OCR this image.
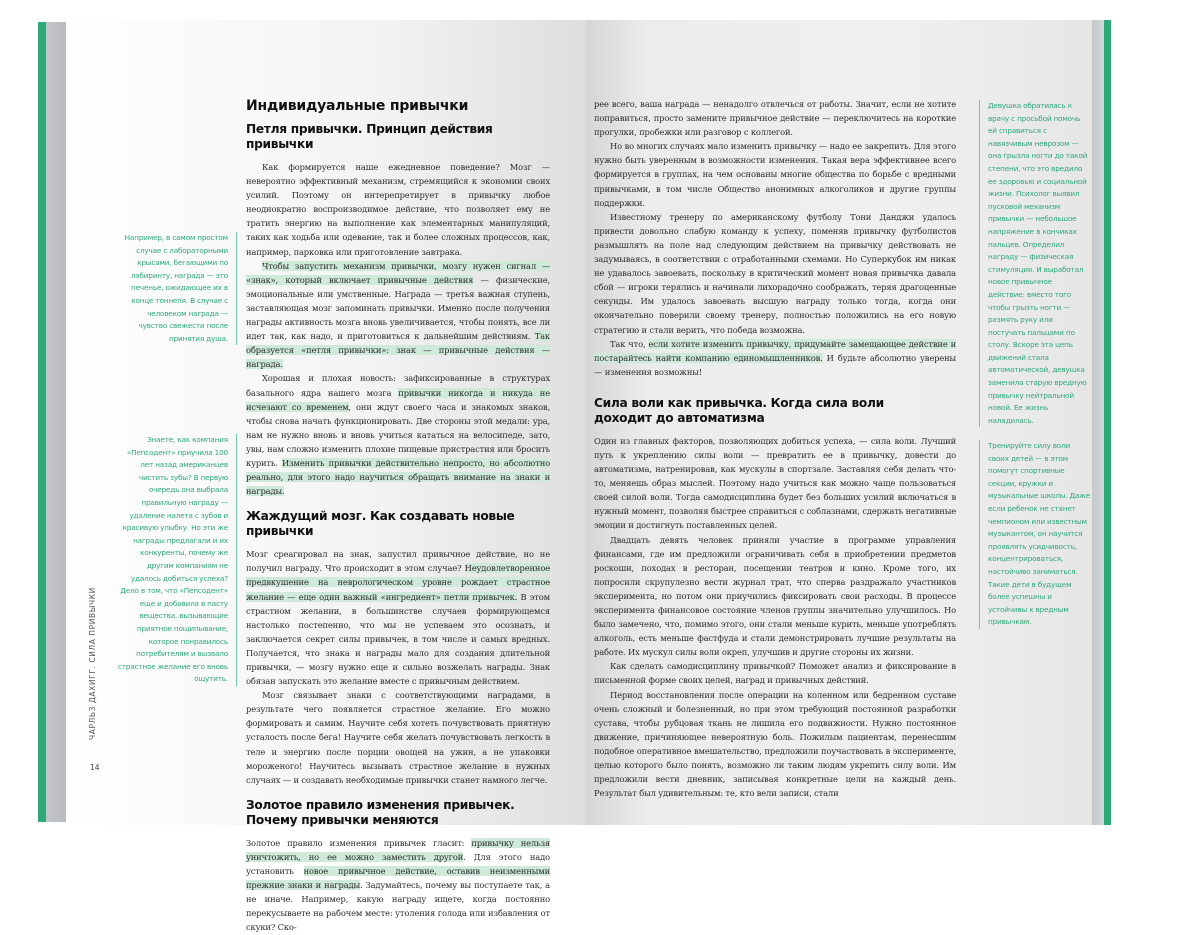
Индивидуальные привычки
Петля привычки. Принцип действия привычки

Как формируется наше ежедневное поведение? Мозг — невероятно эффективный механизм, стремящийся к экономии своих усилий. Поэтому он интерепретирует в привычку любое неоднократно воспроизводимое действие, что позволяет ему не тратить энергию на выполнение как элементарных манипуляций, таких как ходьба или одевание, так и более сложных процессов, как, например, парковка или приготовление завтрака.

Чтобы запустить механизм привычки, мозгу нужен сигнал — «знак», который включает привычные действия — физические, эмоциональные или умственные. Награда — третья важная ступень, заставляющая мозг запоминать привычки. Именно после получения награды активность мозга вновь увеличивается, чтобы понять, все ли идет так, как надо, и приготовиться к дальнейшим действиям. Так образуется «петля привычки»: знак — привычные действия — награда.

Хорошая и плохая новость: зафиксированные в структурах базального ядра нашего мозга привычки никогда и никуда не исчезают со временем, они ждут своего часа и знакомых знаков, чтобы снова начать функционировать. Две стороны этой медали: ура, нам не нужно вновь и вновь учиться кататься на велосипеде, зато, увы, нам сложно изменить плохие пищевые пристрастия или бросить курить. Изменить привычки действительно непросто, но абсолютно реально, для этого надо научиться обращать внимание на знаки и награды.

Жаждущий мозг. Как создавать новые привычки

Мозг среагировал на знак, запустил привычное действие, но не получил награду. Что происходит в этом случае? Неудовлетворенное предвкушение на неврологическом уровне рождает страстное желание — еще один важный «ингредиент» петли привычек. В этом страстном желании, в большинстве случаев формирующемся настолько постепенно, что мы не успеваем это осознать, и заключается секрет силы привычек, в том числе и самых вредных. Получается, что знака и награды мало для создания длительной привычки, — мозгу нужно еще и сильно возжелать награды. Знак обязан запускать это желание вместе с привычным действием.

Мозг связывает знаки с соответствующими наградами, в результате чего появляется страстное желание. Его можно формировать и самим. Научите себя хотеть почувствовать приятную усталость после бега! Научите себя желать почувствовать легкость в теле и энергию после порции овощей на ужин, а не упаковки мороженого! Научитесь вызывать страстное желание в нужных случаях — и создавать необходимые привычки станет намного легче.

Золотое правило изменения привычек. Почему привычки меняются

Золотое правило изменения привычек гласит: привычку нельзя уничтожить, но ее можно заместить другой. Для этого надо установить новое привычное действие, оставив неизменными прежние знаки и награды. Задумайтесь, почему вы поступаете так, а не иначе. Например, какую награду ищете, когда постоянно перекусываете на рабочем месте: утоления голода или избавления от скуки? Ско-

Например, в самом простом случае с лабораторными крысами, бегающими по лабиринту, награда — это печенье, ожидающее их в конце тоннеля. В случае с человеком награда — чувство свежести после принятия душа.
Знаете, как компания «Пепсодент» приучила 100 лет назад американцев чистить зубы? В первую очередь она выбрала правильную награду — удаление налета с зубов и красивую улыбку. Но эти же награды предлагали и их конкуренты, почему же другим компаниям не удалось добиться успеха? Дело в том, что «Пепсодент» еще и добавила в пасту вещества, вызывающие приятное пощипывание, которое понравилось потребителям и вызвало страстное желание его вновь ощутить.
ЧАРЛЬЗ ДАХИГГ. СИЛА ПРИВЫЧКИ
14

рее всего, ваша награда — ненадолго отвлечься от работы. Значит, если не хотите поправиться, просто замените привычное действие — переключитесь на короткие прогулки, пробежки или разговор с коллегой.

Но во многих случаях мало изменить привычку — надо ее закрепить. Для этого нужно быть уверенным в возможности изменения. Такая вера эффективнее всего формируется в группах, на чем основаны многие общества по борьбе с вредными привычками, в том числе Общество анонимных алкоголиков и другие группы поддержки.

Известному тренеру по американскому футболу Тони Данджи удалось привести довольно слабую команду к успеху, поменяв привычку футболистов размышлять на поле над следующим действием на привычку действовать не задумываясь, в соответствии с отработанными схемами. Но Суперкубок им никак не удавалось завоевать, поскольку в критический момент новая привычка давала сбой — игроки терялись и начинали лихорадочно соображать, теряя драгоценные секунды. Им удалось завоевать высшую награду только тогда, когда они окончательно поверили своему тренеру, полностью положились на его новую стратегию и стали верить, что победа возможна.

Так что, если хотите изменить привычку, придумайте замещающее действие и постарайтесь найти компанию единомышленников. И будьте абсолютно уверены — изменения возможны!

Сила воли как привычка. Когда сила воли доходит до автоматизма

Один из главных факторов, позволяющих добиться успеха, — сила воли. Лучший путь к укреплению силы воли — превратить ее в привычку, довести до автоматизма, натренировав, как мускулы в спортзале. Заставляя себя делать что-то, меняешь образ мыслей. Поэтому надо учиться как можно чаще пользоваться своей силой воли. Тогда самодисциплина будет без больших усилий включаться в нужный момент, позволяя быстрее справиться с соблазнами, сдержать негативные эмоции и достигнуть поставленных целей.

Двадцать девять человек приняли участие в программе управления финансами, где им предложили ограничивать себя в приобретении предметов роскоши, походах в ресторан, посещении театров и кино. Кроме того, их попросили скрупулезно вести журнал трат, что сперва раздражало участников эксперимента, но потом они приучились фиксировать свои расходы. В процессе эксперимента финансовое состояние членов группы значительно улучшилось. Но было замечено, что, помимо этого, они стали меньше курить, меньше употреблять алкоголь, есть меньше фастфуда и стали демонстрировать лучшие результаты на работе. Их мускул силы воли окреп, улучшив и другие стороны их жизни.

Как сделать самодисциплину привычкой? Поможет анализ и фиксирование в письменной форме своих целей, наград и привычных действий.

Период восстановления после операции на коленном или бедренном суставе очень сложный и болезненный, но при этом требующий постоянной разработки сустава, чтобы рубцовая ткань не лишила его подвижности. Нужно постоянное движение, причиняющее невероятную боль. Пожилым пациентам, перенесшим подобное оперативное вмешательство, предложили поучаствовать в эксперименте, целью которого было понять, возможно ли таким людям укрепить силу воли. Им предложили вести дневник, записывая конкретные цели на каждый день. Результат был удивительным: те, кто вели записи, стали

Девушка обратилась к врачу с просьбой помочь ей справиться с навязчивым неврозом — она грызла ногти до такой степени, что это вредило ее здоровью и социальной жизни. Психолог выявил пусковой механизм привычки — небольшое напряжение в кончиках пальцев. Определил награду — физическая стимуляция. И выработал новое привычное действие: вместо того чтобы грызть ногти — размять руку или постучать пальцами по столу. Вскоре эта цепь движений стала автоматической, девушка заменила старую вредную привычку нейтральной новой. Ее жизнь наладилась.
Тренируйте силу воли своих детей — в этом помогут спортивные секции, кружки и музыкальные школы. Даже если ребенок не станет чемпионом или известным музыкантом, он научится проявлять усидчивость, концентрироваться, настойчиво заниматься. Такие дети в будущем более успешны и устойчивы к вредным привычкам.
